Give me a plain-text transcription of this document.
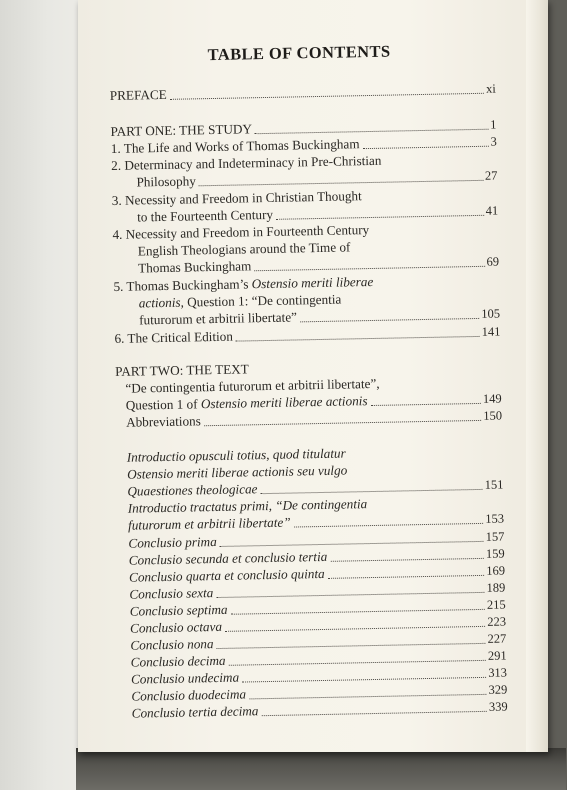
TABLE OF CONTENTS
PREFACE	xi
PART ONE: THE STUDY	1
1. The Life and Works of Thomas Buckingham	3
2. Determinacy and Indeterminacy in Pre-Christian
Philosophy	27
3. Necessity and Freedom in Christian Thought
to the Fourteenth Century	41
4. Necessity and Freedom in Fourteenth Century
English Theologians around the Time of
Thomas Buckingham	69
5. Thomas Buckingham’s Ostensio meriti liberae
actionis, Question 1: “De contingentia
futurorum et arbitrii libertate”	105
6. The Critical Edition	141
PART TWO: THE TEXT
“De contingentia futurorum et arbitrii libertate”,
Question 1 of Ostensio meriti liberae actionis	149
Abbreviations	150
Introductio opusculi totius, quod titulatur
Ostensio meriti liberae actionis seu vulgo
Quaestiones theologicae	151
Introductio tractatus primi, “De contingentia
futurorum et arbitrii libertate”	153
Conclusio prima	157
Conclusio secunda et conclusio tertia	159
Conclusio quarta et conclusio quinta	169
Conclusio sexta	189
Conclusio septima	215
Conclusio octava	223
Conclusio nona	227
Conclusio decima	291
Conclusio undecima	313
Conclusio duodecima	329
Conclusio tertia decima	339
